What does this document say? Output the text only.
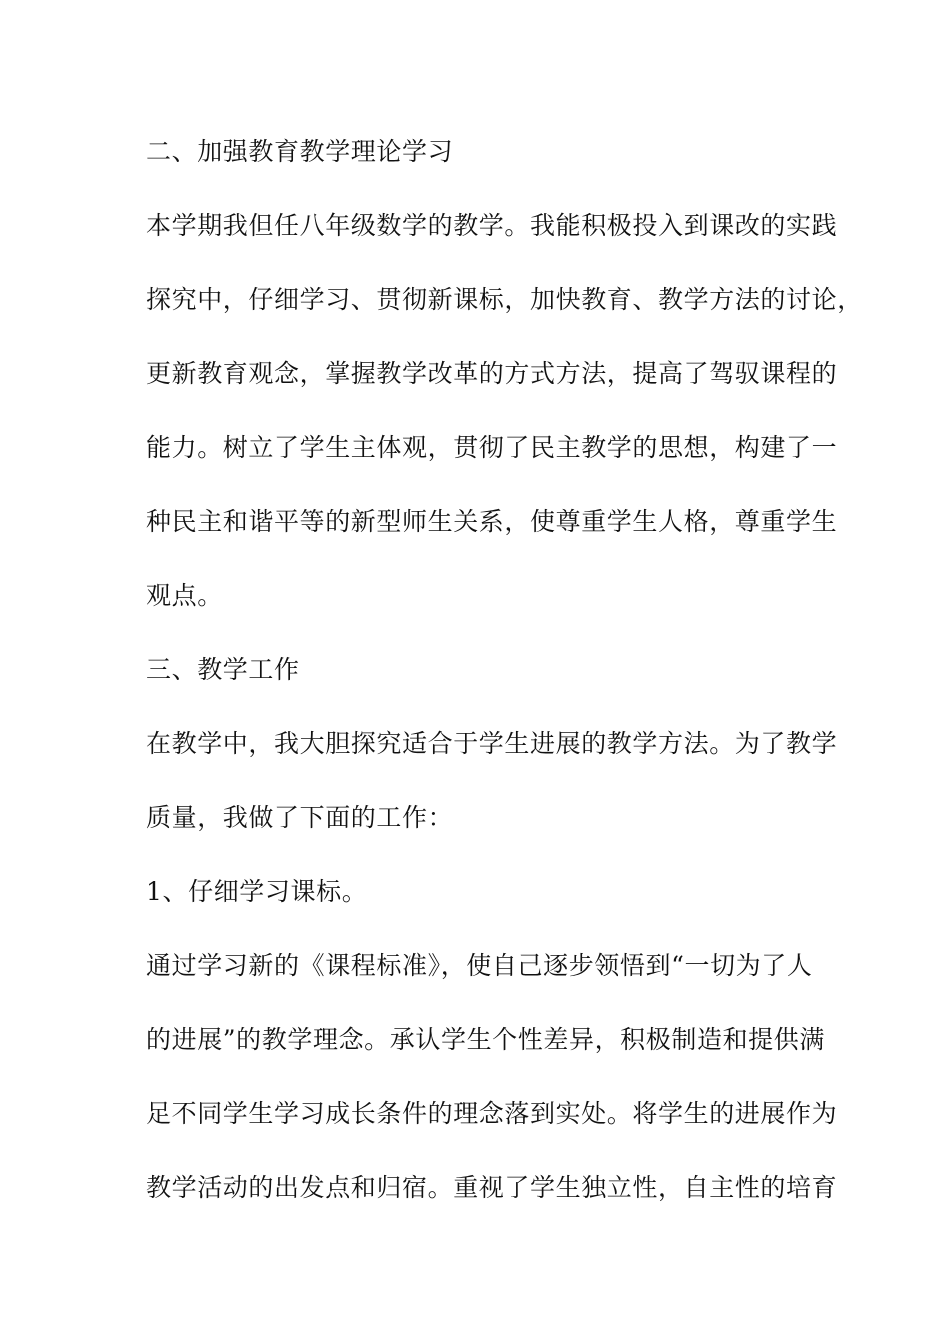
二、加强教育教学理论学习
本学期我但任八年级数学的教学。我能积极投入到课改的实践
探究中，仔细学习、贯彻新课标，加快教育、教学方法的讨论，
更新教育观念，掌握教学改革的方式方法，提高了驾驭课程的
能力。树立了学生主体观，贯彻了民主教学的思想，构建了一
种民主和谐平等的新型师生关系，使尊重学生人格，尊重学生
观点。
三、教学工作
在教学中，我大胆探究适合于学生进展的教学方法。为了教学
质量，我做了下面的工作：
1、仔细学习课标。
通过学习新的《课程标准》，使自己逐步领悟到“一切为了人
的进展”的教学理念。承认学生个性差异，积极制造和提供满
足不同学生学习成长条件的理念落到实处。将学生的进展作为
教学活动的出发点和归宿。重视了学生独立性，自主性的培育
